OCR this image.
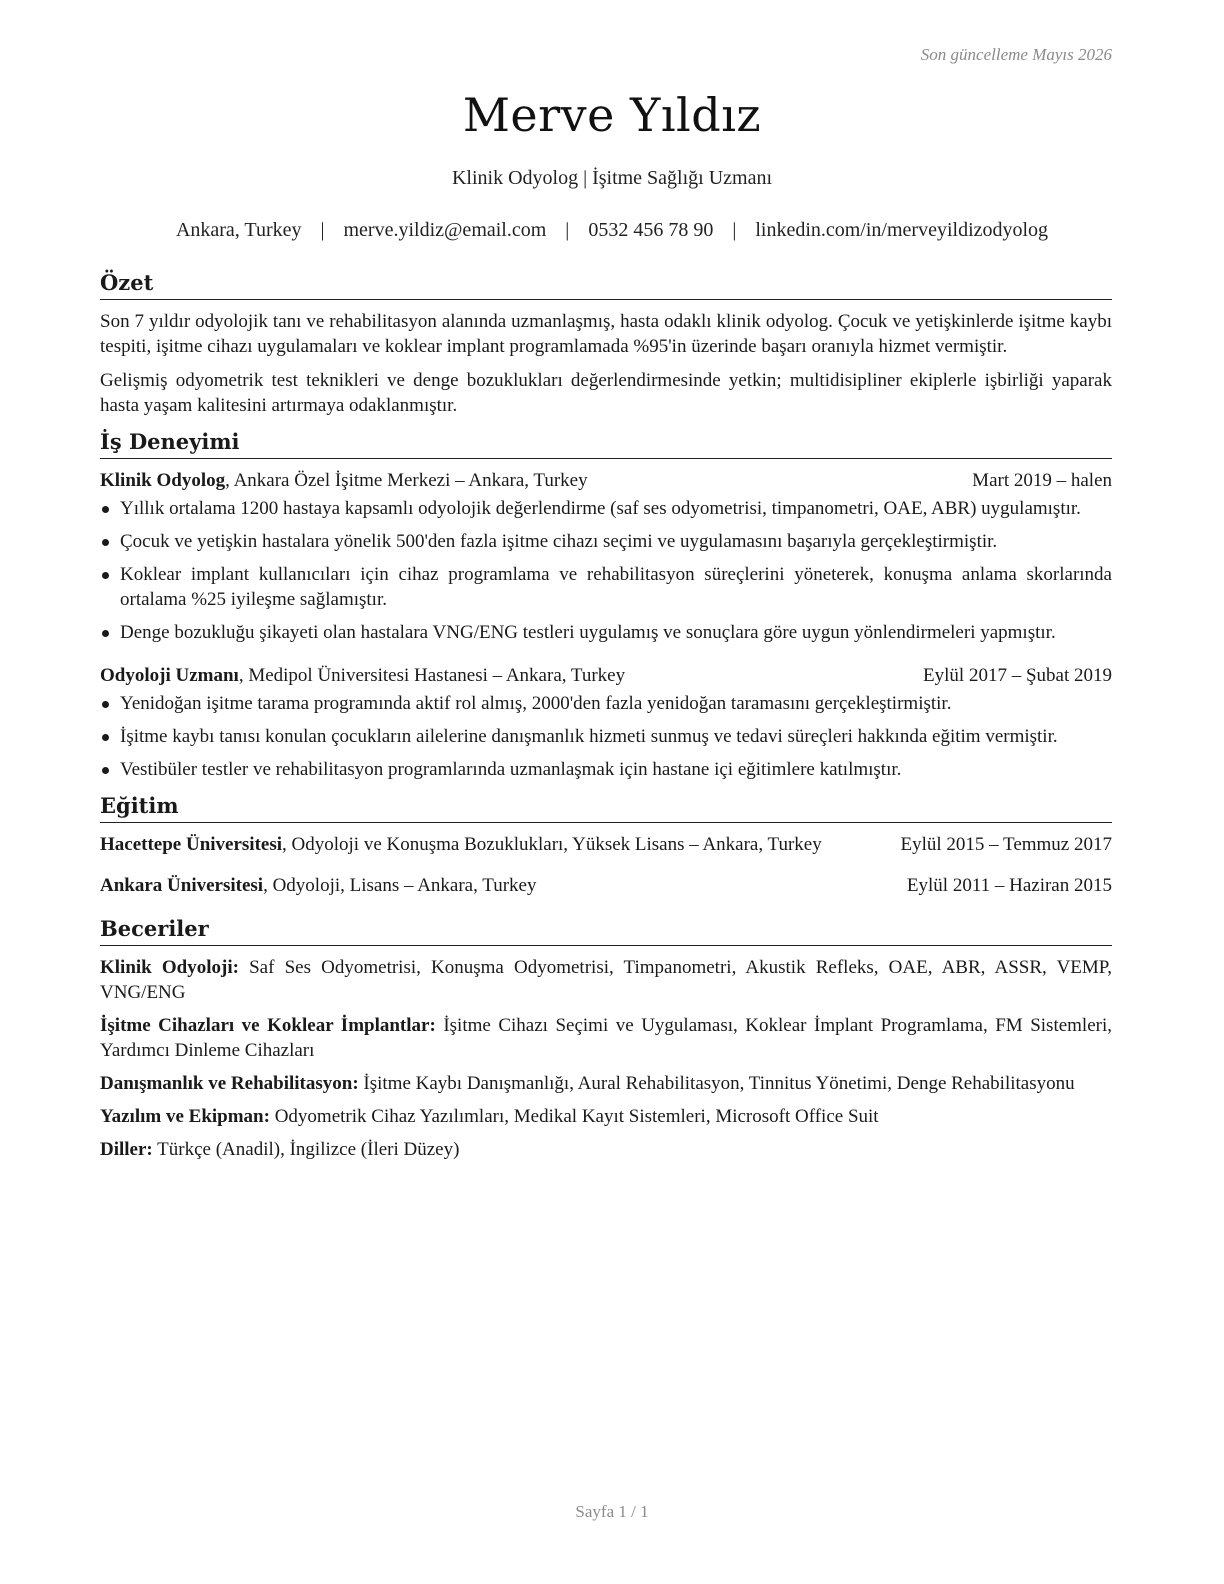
Son güncelleme Mayıs 2026
Merve Yıldız
Klinik Odyolog | İşitme Sağlığı Uzmanı
Ankara, Turkey | merve.yildiz@email.com | 0532 456 78 90 | linkedin.com/in/merveyildizodyolog
Özet

Son 7 yıldır odyolojik tanı ve rehabilitasyon alanında uzmanlaşmış, hasta odaklı klinik odyolog. Çocuk ve yetişkinlerde işitme kaybı tespiti, işitme cihazı uygulamaları ve koklear implant programlamada %95'in üzerinde başarı oranıyla hizmet vermiştir.

Gelişmiş odyometrik test teknikleri ve denge bozuklukları değerlendirmesinde yetkin; multidisipliner ekiplerle işbirliği yaparak hasta yaşam kalitesini artırmaya odaklanmıştır.

İş Deneyimi
Klinik Odyolog, Ankara Özel İşitme Merkezi – Ankara, Turkey	Mart 2019 – halen
Yıllık ortalama 1200 hastaya kapsamlı odyolojik değerlendirme (saf ses odyometrisi, timpanometri, OAE, ABR) uygulamıştır.
Çocuk ve yetişkin hastalara yönelik 500'den fazla işitme cihazı seçimi ve uygulamasını başarıyla gerçekleştirmiştir.
Koklear implant kullanıcıları için cihaz programlama ve rehabilitasyon süreçlerini yöneterek, konuşma anlama skorlarında ortalama %25 iyileşme sağlamıştır.
Denge bozukluğu şikayeti olan hastalara VNG/ENG testleri uygulamış ve sonuçlara göre uygun yönlendirmeleri yapmıştır.
Odyoloji Uzmanı, Medipol Üniversitesi Hastanesi – Ankara, Turkey	Eylül 2017 – Şubat 2019
Yenidoğan işitme tarama programında aktif rol almış, 2000'den fazla yenidoğan taramasını gerçekleştirmiştir.
İşitme kaybı tanısı konulan çocukların ailelerine danışmanlık hizmeti sunmuş ve tedavi süreçleri hakkında eğitim vermiştir.
Vestibüler testler ve rehabilitasyon programlarında uzmanlaşmak için hastane içi eğitimlere katılmıştır.
Eğitim
Hacettepe Üniversitesi, Odyoloji ve Konuşma Bozuklukları, Yüksek Lisans – Ankara, Turkey	Eylül 2015 – Temmuz 2017
Ankara Üniversitesi, Odyoloji, Lisans – Ankara, Turkey	Eylül 2011 – Haziran 2015
Beceriler

Klinik Odyoloji: Saf Ses Odyometrisi, Konuşma Odyometrisi, Timpanometri, Akustik Refleks, OAE, ABR, ASSR, VEMP, VNG/ENG

İşitme Cihazları ve Koklear İmplantlar: İşitme Cihazı Seçimi ve Uygulaması, Koklear İmplant Programlama, FM Sistemleri, Yardımcı Dinleme Cihazları

Danışmanlık ve Rehabilitasyon: İşitme Kaybı Danışmanlığı, Aural Rehabilitasyon, Tinnitus Yönetimi, Denge Rehabilitasyonu

Yazılım ve Ekipman: Odyometrik Cihaz Yazılımları, Medikal Kayıt Sistemleri, Microsoft Office Suit

Diller: Türkçe (Anadil), İngilizce (İleri Düzey)

Sayfa 1 / 1
